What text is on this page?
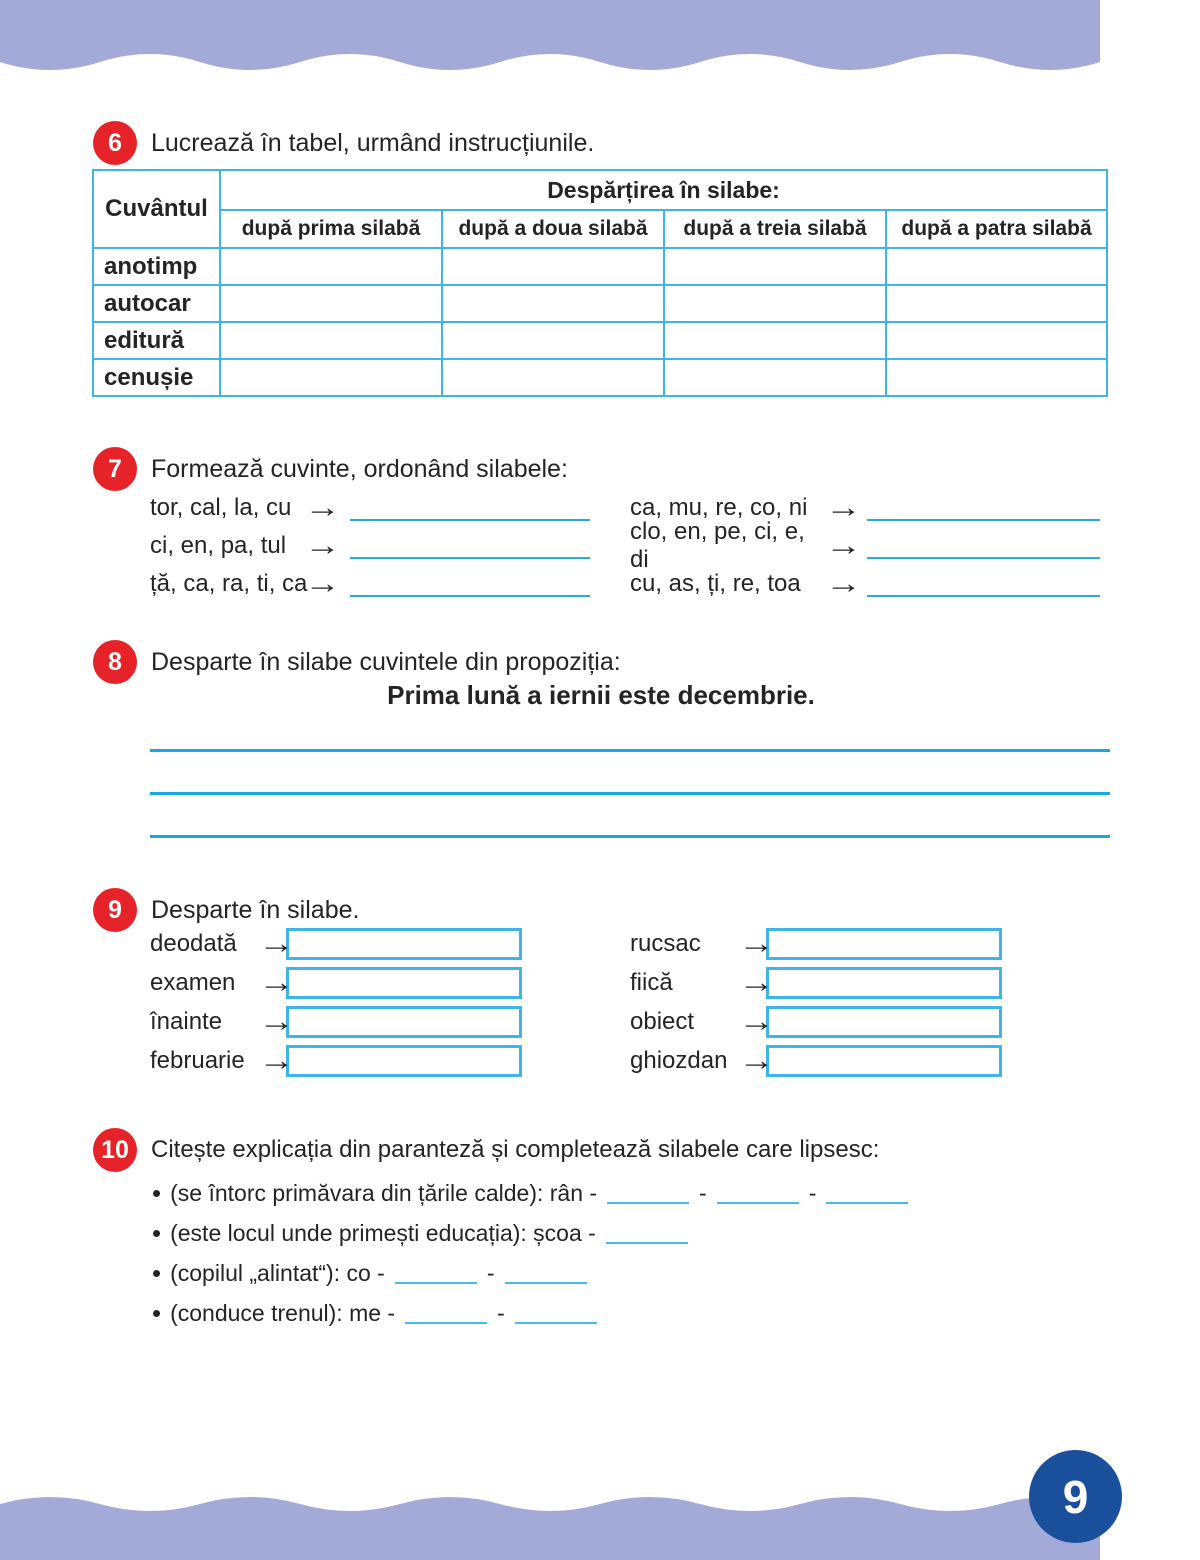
6	Lucrează în tabel, urmând instrucțiunile.
Cuvântul	Despărțirea în silabe:			
	după prima silabă	după a doua silabă	după a treia silabă	după a patra silabă
anotimp				
autocar				
editură				
cenușie				
7	Formează cuvinte, ordonând silabele:
tor, cal, la, cu
→
ci, en, pa, tul
→
ță, ca, ra, ti, ca
→
ca, mu, re, co, ni
→
clo, en, pe, ci, e, di
→
cu, as, ți, re, toa
→
8	Desparte în silabe cuvintele din propoziția:
Prima lună a iernii este decembrie.
9	Desparte în silabe.
deodată
→
examen
→
înainte
→
februarie
→
rucsac
→
fiică
→
obiect
→
ghiozdan
→
10 Citește explicația din paranteză și completează silabele care lipsesc:
• (se întorc primăvara din țările calde): rân -	-	-
• (este locul unde primești educația): școa -
• (copilul „alintat“): co -	-
• (conduce trenul): me -	-
9
